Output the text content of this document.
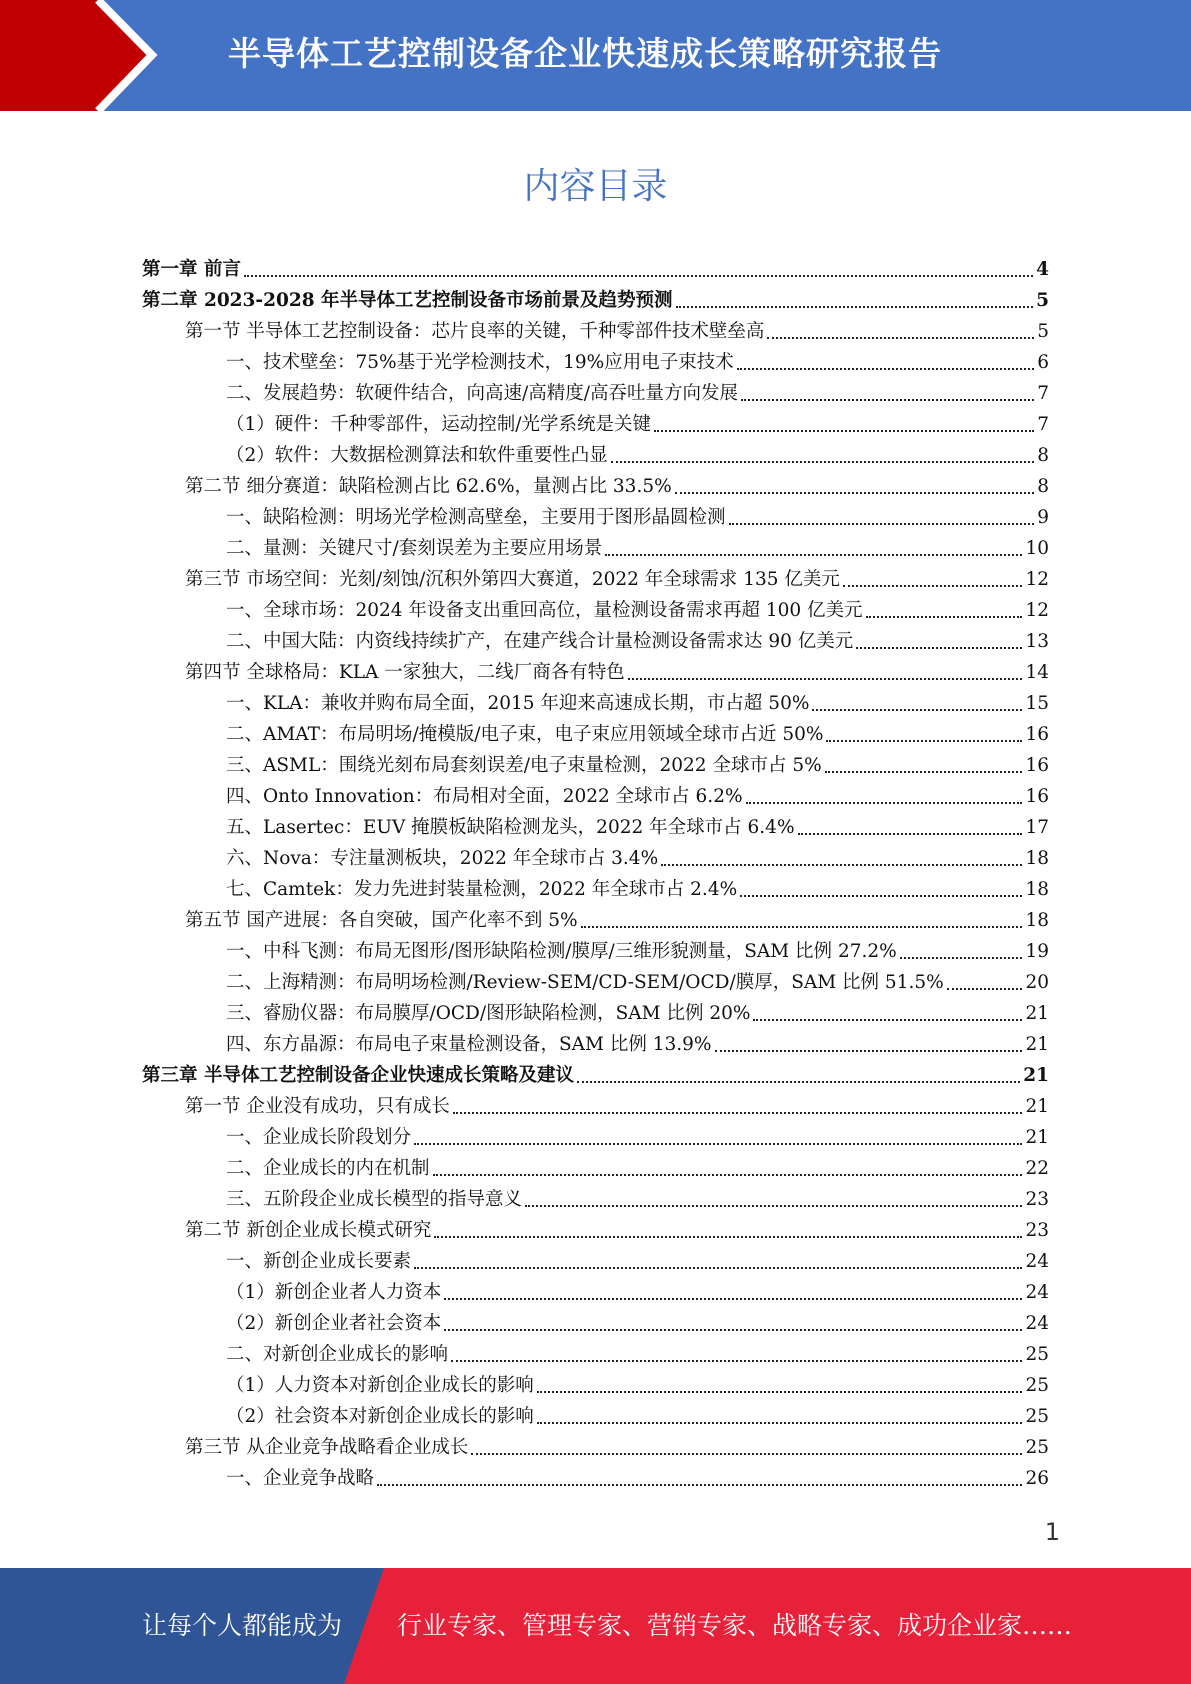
半导体工艺控制设备企业快速成长策略研究报告
内容目录
第一章 前言	4
第二章 2023-2028 年半导体工艺控制设备市场前景及趋势预测	5
第一节 半导体工艺控制设备：芯片良率的关键，千种零部件技术壁垒高	5
一、技术壁垒：75%基于光学检测技术，19%应用电子束技术	6
二、发展趋势：软硬件结合，向高速/高精度/高吞吐量方向发展	7
（1）硬件：千种零部件，运动控制/光学系统是关键	7
（2）软件：大数据检测算法和软件重要性凸显	8
第二节 细分赛道：缺陷检测占比 62.6%，量测占比 33.5%	8
一、缺陷检测：明场光学检测高壁垒，主要用于图形晶圆检测	9
二、量测：关键尺寸/套刻误差为主要应用场景	10
第三节 市场空间：光刻/刻蚀/沉积外第四大赛道，2022 年全球需求 135 亿美元	12
一、全球市场：2024 年设备支出重回高位，量检测设备需求再超 100 亿美元	12
二、中国大陆：内资线持续扩产，在建产线合计量检测设备需求达 90 亿美元	13
第四节 全球格局：KLA 一家独大，二线厂商各有特色	14
一、KLA：兼收并购布局全面，2015 年迎来高速成长期，市占超 50%	15
二、AMAT：布局明场/掩模版/电子束，电子束应用领域全球市占近 50%	16
三、ASML：围绕光刻布局套刻误差/电子束量检测，2022 全球市占 5%	16
四、Onto Innovation：布局相对全面，2022 全球市占 6.2%	16
五、Lasertec：EUV 掩膜板缺陷检测龙头，2022 年全球市占 6.4%	17
六、Nova：专注量测板块，2022 年全球市占 3.4%	18
七、Camtek：发力先进封装量检测，2022 年全球市占 2.4%	18
第五节 国产进展：各自突破，国产化率不到 5%	18
一、中科飞测：布局无图形/图形缺陷检测/膜厚/三维形貌测量，SAM 比例 27.2%	19
二、上海精测：布局明场检测/Review-SEM/CD-SEM/OCD/膜厚，SAM 比例 51.5%	20
三、睿励仪器：布局膜厚/OCD/图形缺陷检测，SAM 比例 20%	21
四、东方晶源：布局电子束量检测设备，SAM 比例 13.9%	21
第三章 半导体工艺控制设备企业快速成长策略及建议	21
第一节 企业没有成功，只有成长	21
一、企业成长阶段划分	21
二、企业成长的内在机制	22
三、五阶段企业成长模型的指导意义	23
第二节 新创企业成长模式研究	23
一、新创企业成长要素	24
（1）新创企业者人力资本	24
（2）新创企业者社会资本	24
二、对新创企业成长的影响	25
（1）人力资本对新创企业成长的影响	25
（2）社会资本对新创企业成长的影响	25
第三节 从企业竞争战略看企业成长	25
一、企业竞争战略	26
1
让每个人都能成为 行业专家、管理专家、营销专家、战略专家、成功企业家……
